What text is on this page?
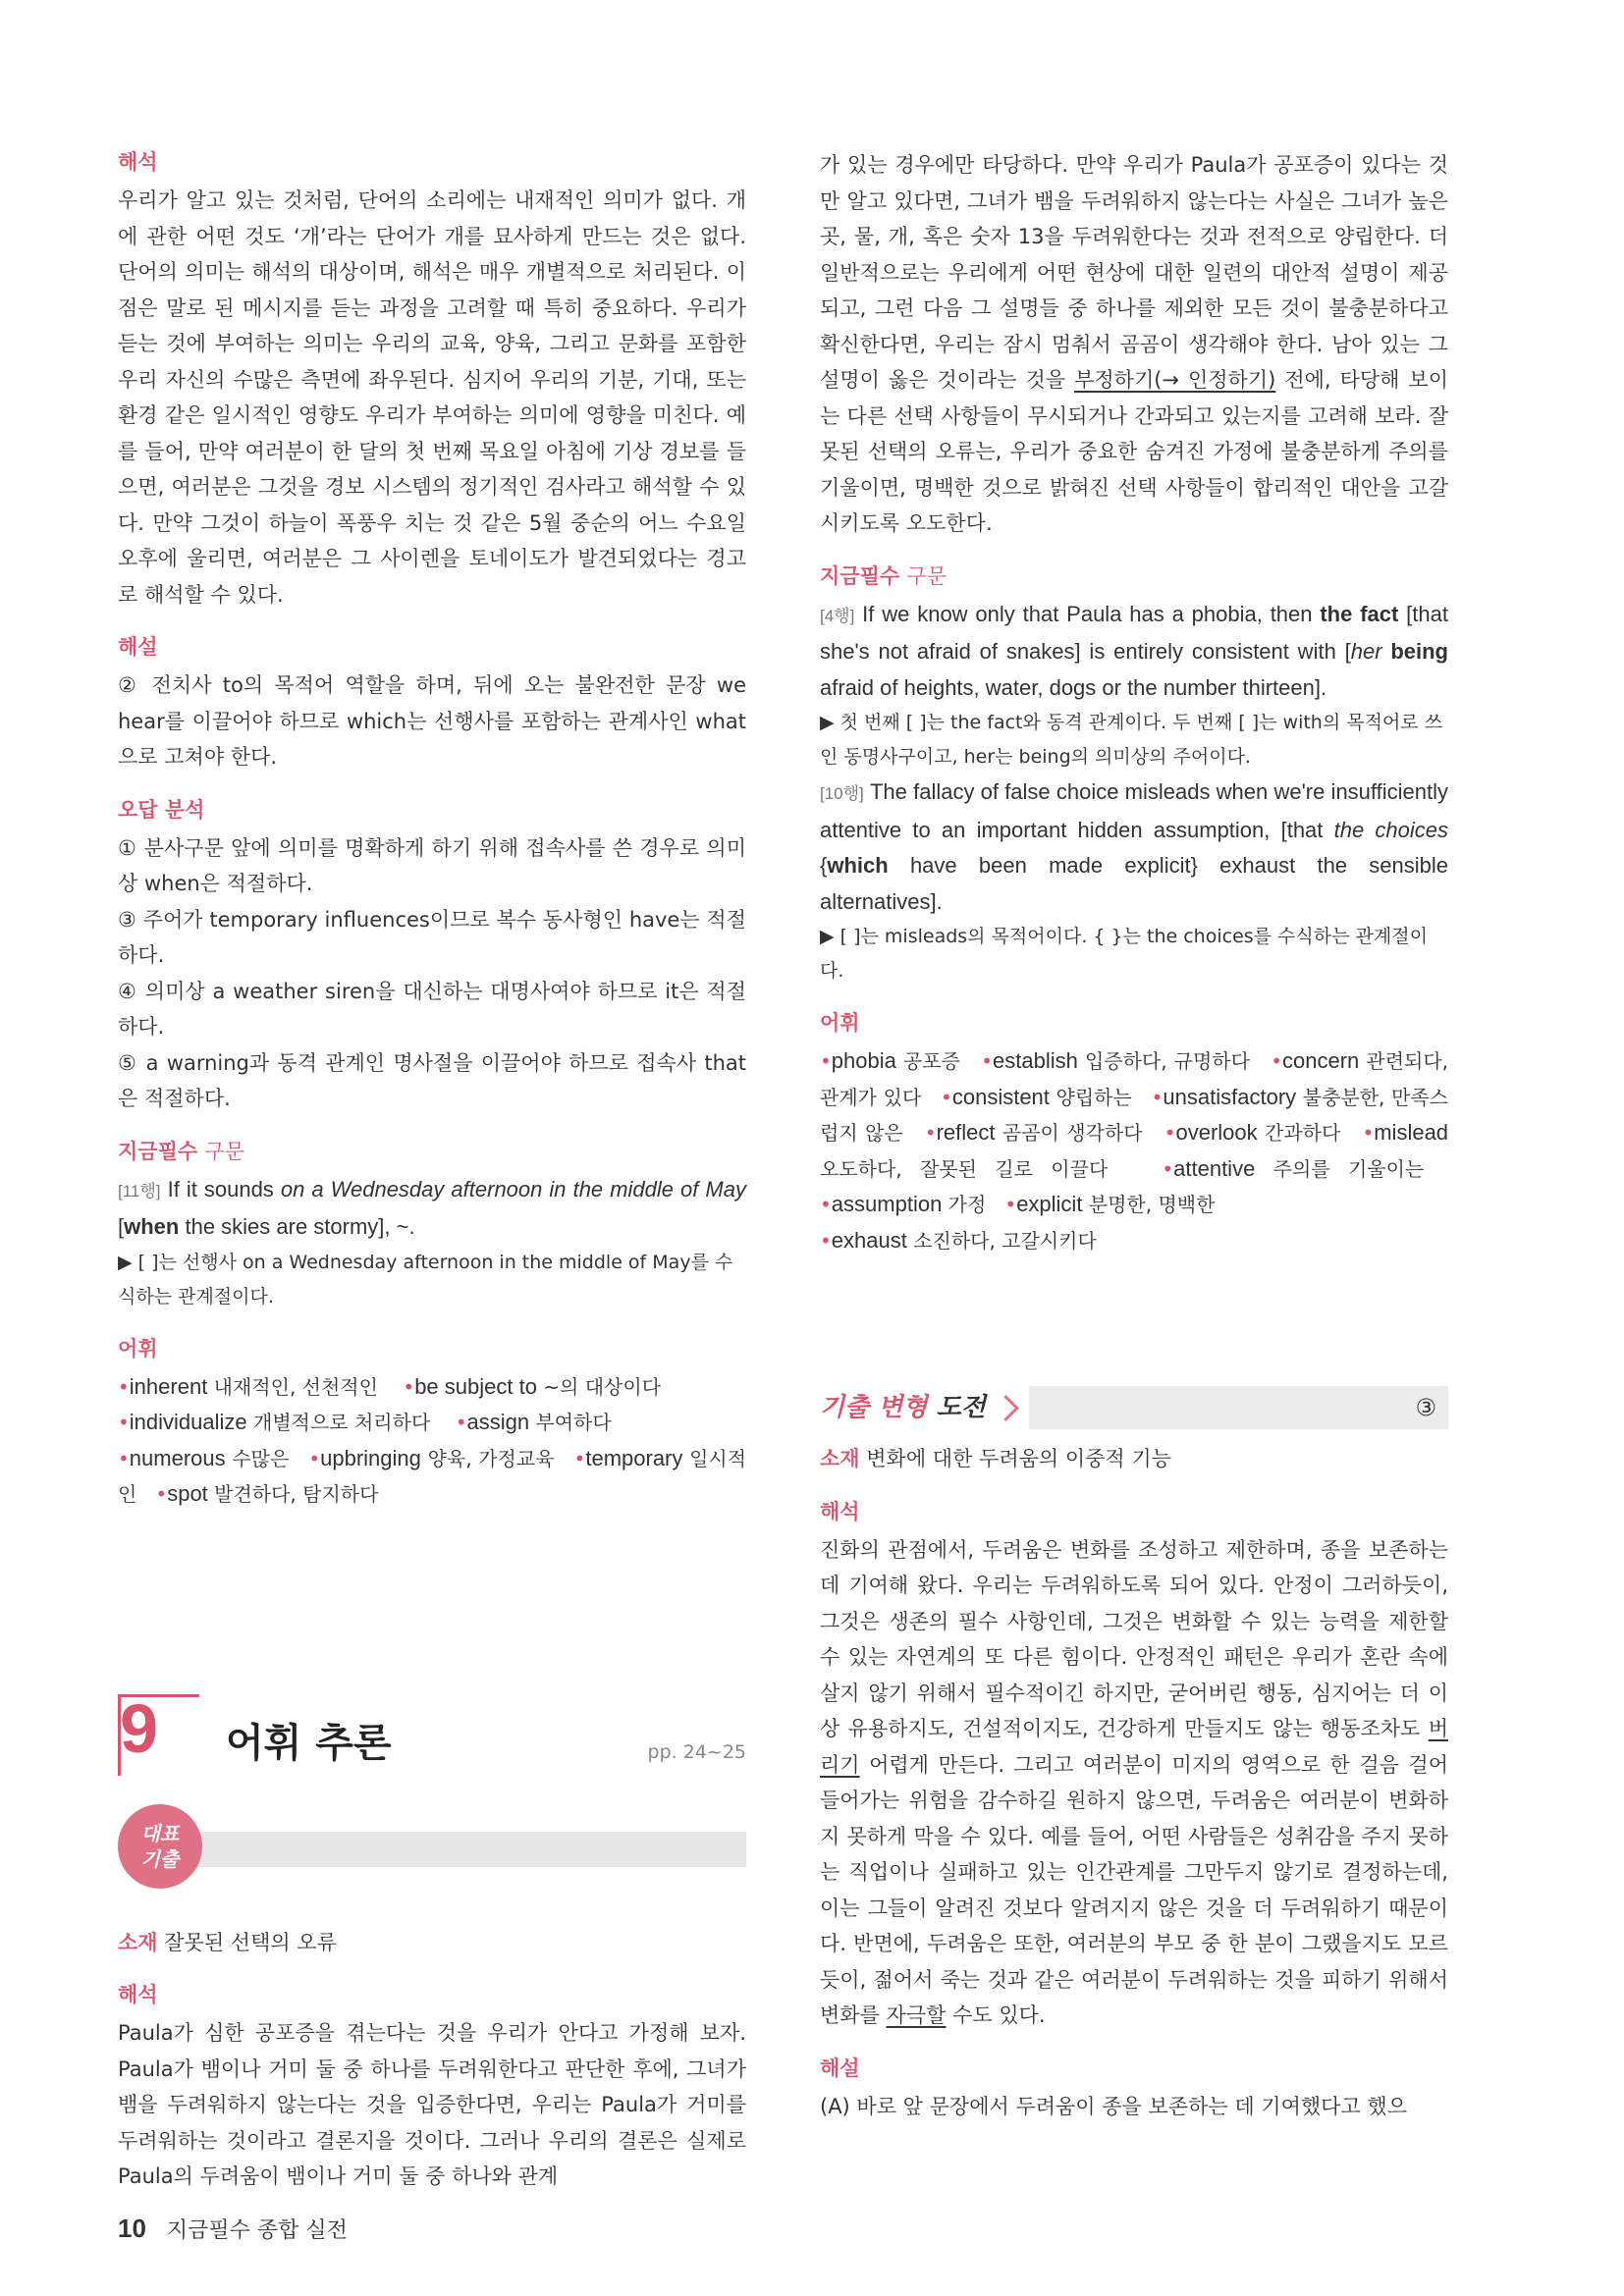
해석

우리가 알고 있는 것처럼, 단어의 소리에는 내재적인 의미가 없다. 개에 관한 어떤 것도 ‘개’라는 단어가 개를 묘사하게 만드는 것은 없다. 단어의 의미는 해석의 대상이며, 해석은 매우 개별적으로 처리된다. 이 점은 말로 된 메시지를 듣는 과정을 고려할 때 특히 중요하다. 우리가 듣는 것에 부여하는 의미는 우리의 교육, 양육, 그리고 문화를 포함한 우리 자신의 수많은 측면에 좌우된다. 심지어 우리의 기분, 기대, 또는 환경 같은 일시적인 영향도 우리가 부여하는 의미에 영향을 미친다. 예를 들어, 만약 여러분이 한 달의 첫 번째 목요일 아침에 기상 경보를 들으면, 여러분은 그것을 경보 시스템의 정기적인 검사라고 해석할 수 있다. 만약 그것이 하늘이 폭풍우 치는 것 같은 5월 중순의 어느 수요일 오후에 울리면, 여러분은 그 사이렌을 토네이도가 발견되었다는 경고로 해석할 수 있다.

해설

② 전치사 to의 목적어 역할을 하며, 뒤에 오는 불완전한 문장 we hear를 이끌어야 하므로 which는 선행사를 포함하는 관계사인 what으로 고쳐야 한다.

오답 분석

① 분사구문 앞에 의미를 명확하게 하기 위해 접속사를 쓴 경우로 의미상 when은 적절하다.

③ 주어가 temporary influences이므로 복수 동사형인 have는 적절하다.

④ 의미상 a weather siren을 대신하는 대명사여야 하므로 it은 적절하다.

⑤ a warning과 동격 관계인 명사절을 이끌어야 하므로 접속사 that은 적절하다.

지금필수 구문

[11행] If it sounds on a Wednesday afternoon in the middle of May [when the skies are stormy], ~.

▶ [ ]는 선행사 on a Wednesday afternoon in the middle of May를 수식하는 관계절이다.

어휘

•inherent 내재적인, 선천적인 •be subject to ~의 대상이다
•individualize 개별적으로 처리하다 •assign 부여하다
•numerous 수많은 •upbringing 양육, 가정교육 •temporary 일시적인 •spot 발견하다, 탐지하다

9 어휘 추론	pp. 24~25
대표
기출

소재 잘못된 선택의 오류

해석

Paula가 심한 공포증을 겪는다는 것을 우리가 안다고 가정해 보자. Paula가 뱀이나 거미 둘 중 하나를 두려워한다고 판단한 후에, 그녀가 뱀을 두려워하지 않는다는 것을 입증한다면, 우리는 Paula가 거미를 두려워하는 것이라고 결론지을 것이다. 그러나 우리의 결론은 실제로 Paula의 두려움이 뱀이나 거미 둘 중 하나와 관계

가 있는 경우에만 타당하다. 만약 우리가 Paula가 공포증이 있다는 것만 알고 있다면, 그녀가 뱀을 두려워하지 않는다는 사실은 그녀가 높은 곳, 물, 개, 혹은 숫자 13을 두려워한다는 것과 전적으로 양립한다. 더 일반적으로는 우리에게 어떤 현상에 대한 일련의 대안적 설명이 제공되고, 그런 다음 그 설명들 중 하나를 제외한 모든 것이 불충분하다고 확신한다면, 우리는 잠시 멈춰서 곰곰이 생각해야 한다. 남아 있는 그 설명이 옳은 것이라는 것을 부정하기(→ 인정하기) 전에, 타당해 보이는 다른 선택 사항들이 무시되거나 간과되고 있는지를 고려해 보라. 잘못된 선택의 오류는, 우리가 중요한 숨겨진 가정에 불충분하게 주의를 기울이면, 명백한 것으로 밝혀진 선택 사항들이 합리적인 대안을 고갈시키도록 오도한다.

지금필수 구문

[4행] If we know only that Paula has a phobia, then the fact [that she's not afraid of snakes] is entirely consistent with [her being afraid of heights, water, dogs or the number thirteen].

▶ 첫 번째 [ ]는 the fact와 동격 관계이다. 두 번째 [ ]는 with의 목적어로 쓰인 동명사구이고, her는 being의 의미상의 주어이다.

[10행] The fallacy of false choice misleads when we're insufficiently attentive to an important hidden assumption, [that the choices {which have been made explicit} exhaust the sensible alternatives].

▶ [ ]는 misleads의 목적어이다. { }는 the choices를 수식하는 관계절이다.

어휘

•phobia 공포증 •establish 입증하다, 규명하다 •concern 관련되다, 관계가 있다 •consistent 양립하는 •unsatisfactory 불충분한, 만족스럽지 않은 •reflect 곰곰이 생각하다 •overlook 간과하다 •mislead 오도하다, 잘못된 길로 이끌다	•attentive 주의를 기울이는   •assumption 가정 •explicit 분명한, 명백한
•exhaust 소진하다, 고갈시키다

기출 변형 도전	③

소재 변화에 대한 두려움의 이중적 기능

해석

진화의 관점에서, 두려움은 변화를 조성하고 제한하며, 종을 보존하는 데 기여해 왔다. 우리는 두려워하도록 되어 있다. 안정이 그러하듯이, 그것은 생존의 필수 사항인데, 그것은 변화할 수 있는 능력을 제한할 수 있는 자연계의 또 다른 힘이다. 안정적인 패턴은 우리가 혼란 속에 살지 않기 위해서 필수적이긴 하지만, 굳어버린 행동, 심지어는 더 이상 유용하지도, 건설적이지도, 건강하게 만들지도 않는 행동조차도 버리기 어렵게 만든다. 그리고 여러분이 미지의 영역으로 한 걸음 걸어 들어가는 위험을 감수하길 원하지 않으면, 두려움은 여러분이 변화하지 못하게 막을 수 있다. 예를 들어, 어떤 사람들은 성취감을 주지 못하는 직업이나 실패하고 있는 인간관계를 그만두지 않기로 결정하는데, 이는 그들이 알려진 것보다 알려지지 않은 것을 더 두려워하기 때문이다. 반면에, 두려움은 또한, 여러분의 부모 중 한 분이 그랬을지도 모르듯이, 젊어서 죽는 것과 같은 여러분이 두려워하는 것을 피하기 위해서 변화를 자극할 수도 있다.

해설

(A) 바로 앞 문장에서 두려움이 종을 보존하는 데 기여했다고 했으

10 지금필수 종합 실전
